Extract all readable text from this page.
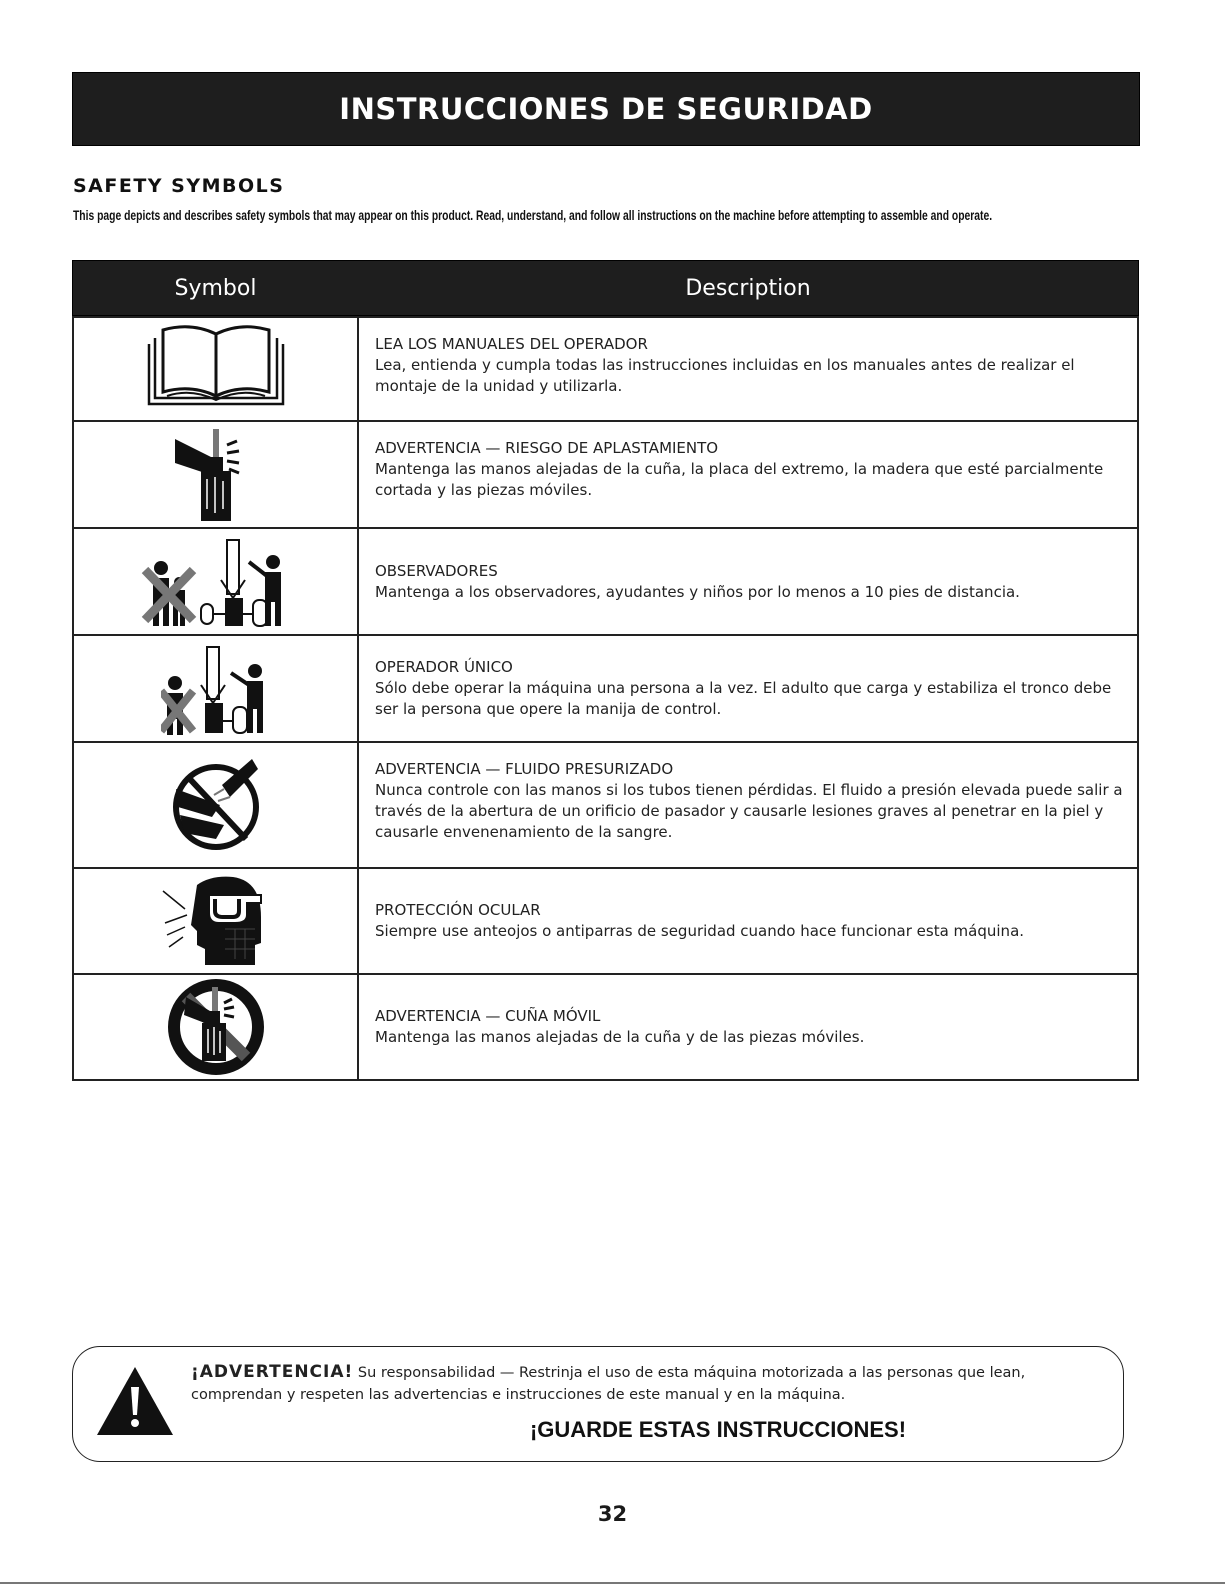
INSTRUCCIONES DE SEGURIDAD
SAFETY SYMBOLS
This page depicts and describes safety symbols that may appear on this product. Read, understand, and follow all instructions on the machine before attempting to assemble and operate.
Symbol	Description
LEA LOS MANUALES DEL OPERADOR
Lea, entienda y cumpla todas las instrucciones incluidas en los manuales antes de realizar el montaje de la unidad y utilizarla.
ADVERTENCIA — RIESGO DE APLASTAMIENTO
Mantenga las manos alejadas de la cuña, la placa del extremo, la madera que esté parcialmente cortada y las piezas móviles.
OBSERVADORES
Mantenga a los observadores, ayudantes y niños por lo menos a 10 pies de distancia.
OPERADOR ÚNICO
Sólo debe operar la máquina una persona a la vez. El adulto que carga y estabiliza el tronco debe ser la persona que opere la manija de control.
ADVERTENCIA — FLUIDO PRESURIZADO
Nunca controle con las manos si los tubos tienen pérdidas. El fluido a presión elevada puede salir a través de la abertura de un orificio de pasador y causarle lesiones graves al penetrar en la piel y causarle envenenamiento de la sangre.
PROTECCIÓN OCULAR
Siempre use anteojos o antiparras de seguridad cuando hace funcionar esta máquina.
ADVERTENCIA — CUÑA MÓVIL
Mantenga las manos alejadas de la cuña y de las piezas móviles.
¡ADVERTENCIA! Su responsabilidad — Restrinja el uso de esta máquina motorizada a las personas que lean, comprendan y respeten las advertencias e instrucciones de este manual y en la máquina.
¡GUARDE ESTAS INSTRUCCIONES!
32
